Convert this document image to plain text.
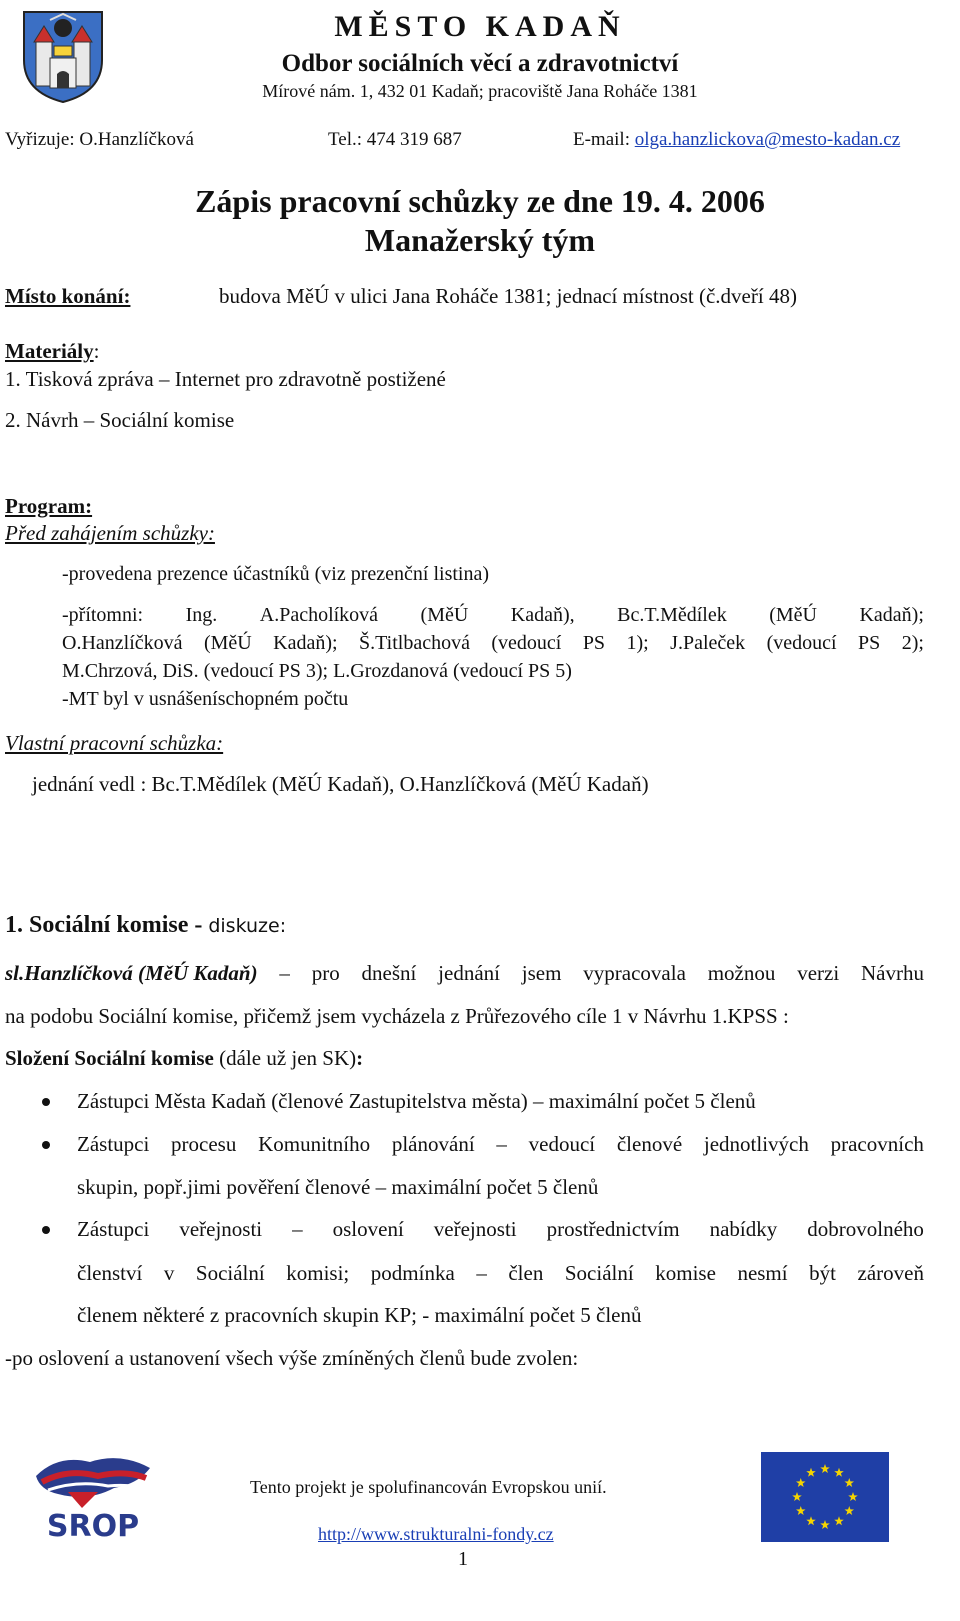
MĚSTO KADAŇ
Odbor sociálních věcí a zdravotnictví
Mírové nám. 1, 432 01 Kadaň; pracoviště Jana Roháče 1381
Vyřizuje: O.Hanzlíčková	Tel.: 474 319 687	E-mail: olga.hanzlickova@mesto-kadan.cz
Zápis pracovní schůzky ze dne 19. 4. 2006
Manažerský tým
Místo konání:	budova MěÚ v ulici Jana Roháče 1381; jednací místnost (č.dveří 48)
Materiály:
1. Tisková zpráva – Internet pro zdravotně postižené
2. Návrh – Sociální komise
Program:
Před zahájením schůzky:
-provedena prezence účastníků (viz prezenční listina)
-přítomni: Ing. A.Pacholíková (MěÚ Kadaň), Bc.T.Mědílek (MěÚ Kadaň);
O.Hanzlíčková (MěÚ Kadaň); Š.Titlbachová (vedoucí PS 1); J.Paleček (vedoucí PS 2);
M.Chrzová, DiS. (vedoucí PS 3); L.Grozdanová (vedoucí PS 5)
-MT byl v usnášeníschopném počtu
Vlastní pracovní schůzka:
jednání vedl : Bc.T.Mědílek (MěÚ Kadaň), O.Hanzlíčková (MěÚ Kadaň)
1. Sociální komise - diskuze:
sl.Hanzlíčková (MěÚ Kadaň) – pro dnešní jednání jsem vypracovala možnou verzi Návrhu
na podobu Sociální komise, přičemž jsem vycházela z Průřezového cíle 1 v Návrhu 1.KPSS :
Složení Sociální komise (dále už jen SK):
Zástupci Města Kadaň (členové Zastupitelstva města) – maximální počet 5 členů
Zástupci procesu Komunitního plánování – vedoucí členové jednotlivých pracovních
skupin, popř.jimi pověření členové – maximální počet 5 členů
Zástupci veřejnosti – oslovení veřejnosti prostřednictvím nabídky dobrovolného
členství v Sociální komisi; podmínka – člen Sociální komise nesmí být zároveň
členem některé z pracovních skupin KP; - maximální počet 5 členů
-po oslovení a ustanovení všech výše zmíněných členů bude zvolen:
SROP
Tento projekt je spolufinancován Evropskou unií.
http://www.strukturalni-fondy.cz
1
